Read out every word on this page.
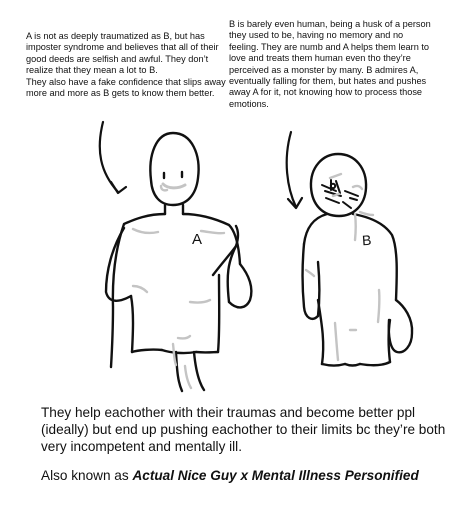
A is not as deeply traumatized as B, but has imposter syndrome and believes that all of their good deeds are selfish and awful. They don’t realize that they mean a lot to B.
They also have a fake confidence that slips away more and more as B gets to know them better.

B is barely even human, being a husk of a person they used to be, having no memory and no feeling. They are numb and A helps them learn to love and treats them human even tho they’re perceived as a monster by many. B admires A, eventually falling for them, but hates and pushes away A for it, not knowing how to process those emotions.

A	B

They help eachother with their traumas and become better ppl (ideally) but end up pushing eachother to their limits bc they’re both very incompetent and mentally ill.

Also known as Actual Nice Guy x Mental Illness Personified
